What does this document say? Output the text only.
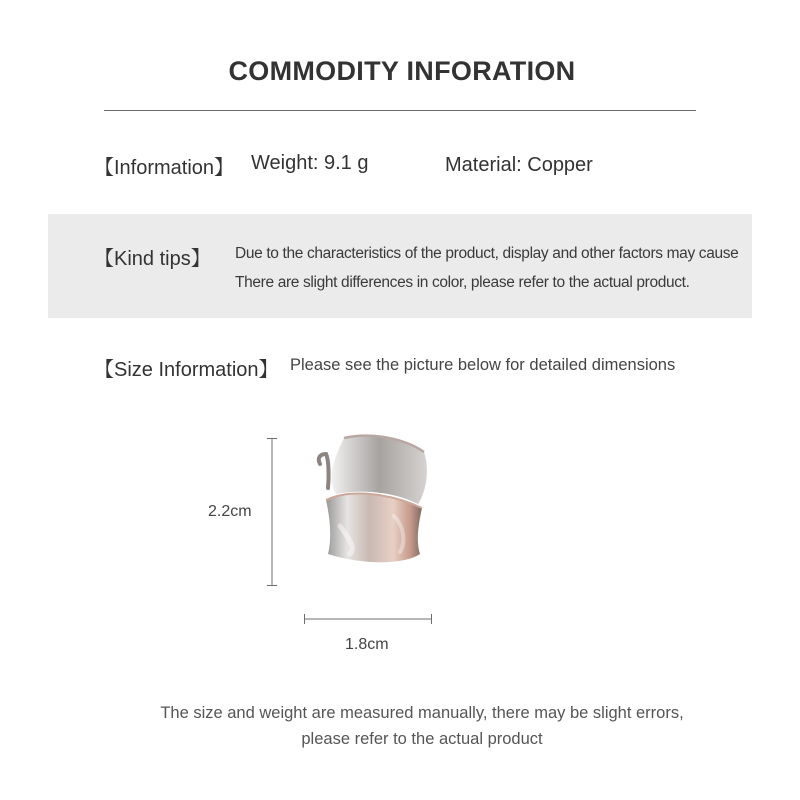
COMMODITY INFORATION
【Information】 Weight: 9.1 g	Material: Copper
【Kind tips】 Due to the characteristics of the product, display and other factors may cause
There are slight differences in color, please refer to the actual product.
【Size Information】 Please see the picture below for detailed dimensions
2.2cm
1.8cm
The size and weight are measured manually, there may be slight errors,
please refer to the actual product
